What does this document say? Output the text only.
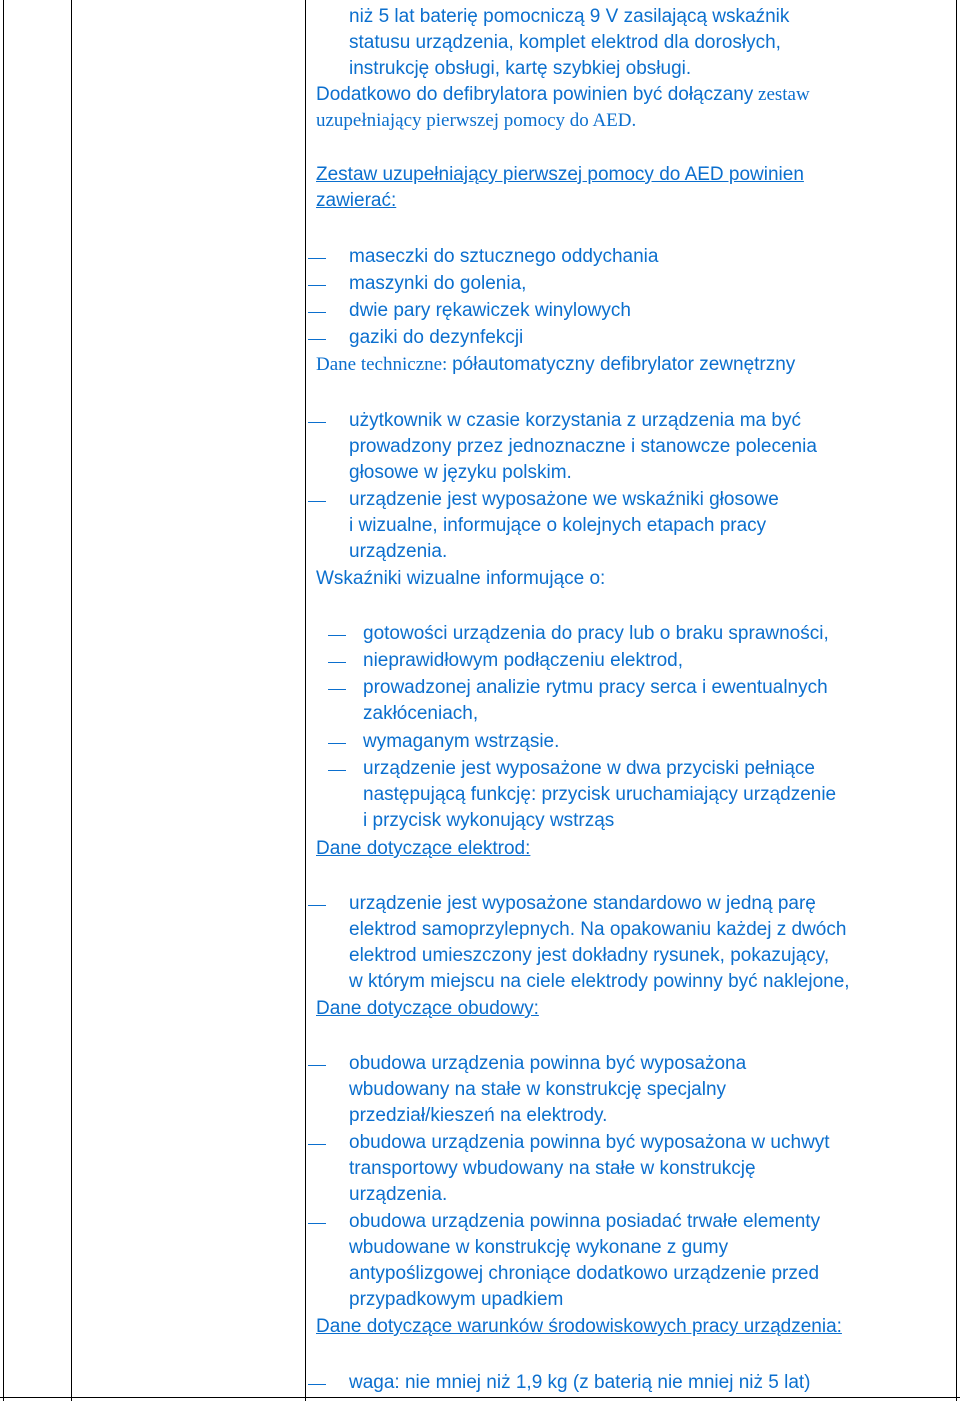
niż 5 lat baterię pomocniczą 9 V zasilającą wskaźnik
statusu urządzenia, komplet elektrod dla dorosłych,
instrukcję obsługi, kartę szybkiej obsługi.
Dodatkowo do defibrylatora powinien być dołączany zestaw
uzupełniający pierwszej pomocy do AED.
Zestaw uzupełniający pierwszej pomocy do AED powinien
zawierać:
maseczki do sztucznego oddychania
maszynki do golenia,
dwie pary rękawiczek winylowych
gaziki do dezynfekcji
Dane techniczne: półautomatyczny defibrylator zewnętrzny
użytkownik w czasie korzystania z urządzenia ma być
prowadzony przez jednoznaczne i stanowcze polecenia
głosowe w języku polskim.
urządzenie jest wyposażone we wskaźniki głosowe
i wizualne, informujące o kolejnych etapach pracy
urządzenia.
Wskaźniki wizualne informujące o:
gotowości urządzenia do pracy lub o braku sprawności,
nieprawidłowym podłączeniu elektrod,
prowadzonej analizie rytmu pracy serca i ewentualnych
zakłóceniach,
wymaganym wstrząsie.
urządzenie jest wyposażone w dwa przyciski pełniące
następującą funkcję: przycisk uruchamiający urządzenie
i przycisk wykonujący wstrząs
Dane dotyczące elektrod:
urządzenie jest wyposażone standardowo w jedną parę
elektrod samoprzylepnych. Na opakowaniu każdej z dwóch
elektrod umieszczony jest dokładny rysunek, pokazujący,
w którym miejscu na ciele elektrody powinny być naklejone,
Dane dotyczące obudowy:
obudowa urządzenia powinna być wyposażona
wbudowany na stałe w konstrukcję specjalny
przedział/kieszeń na elektrody.
obudowa urządzenia powinna być wyposażona w uchwyt
transportowy wbudowany na stałe w konstrukcję
urządzenia.
obudowa urządzenia powinna posiadać trwałe elementy
wbudowane w konstrukcję wykonane z gumy
antypoślizgowej chroniące dodatkowo urządzenie przed
przypadkowym upadkiem
Dane dotyczące warunków środowiskowych pracy urządzenia:
waga: nie mniej niż 1,9 kg (z baterią nie mniej niż 5 lat)
